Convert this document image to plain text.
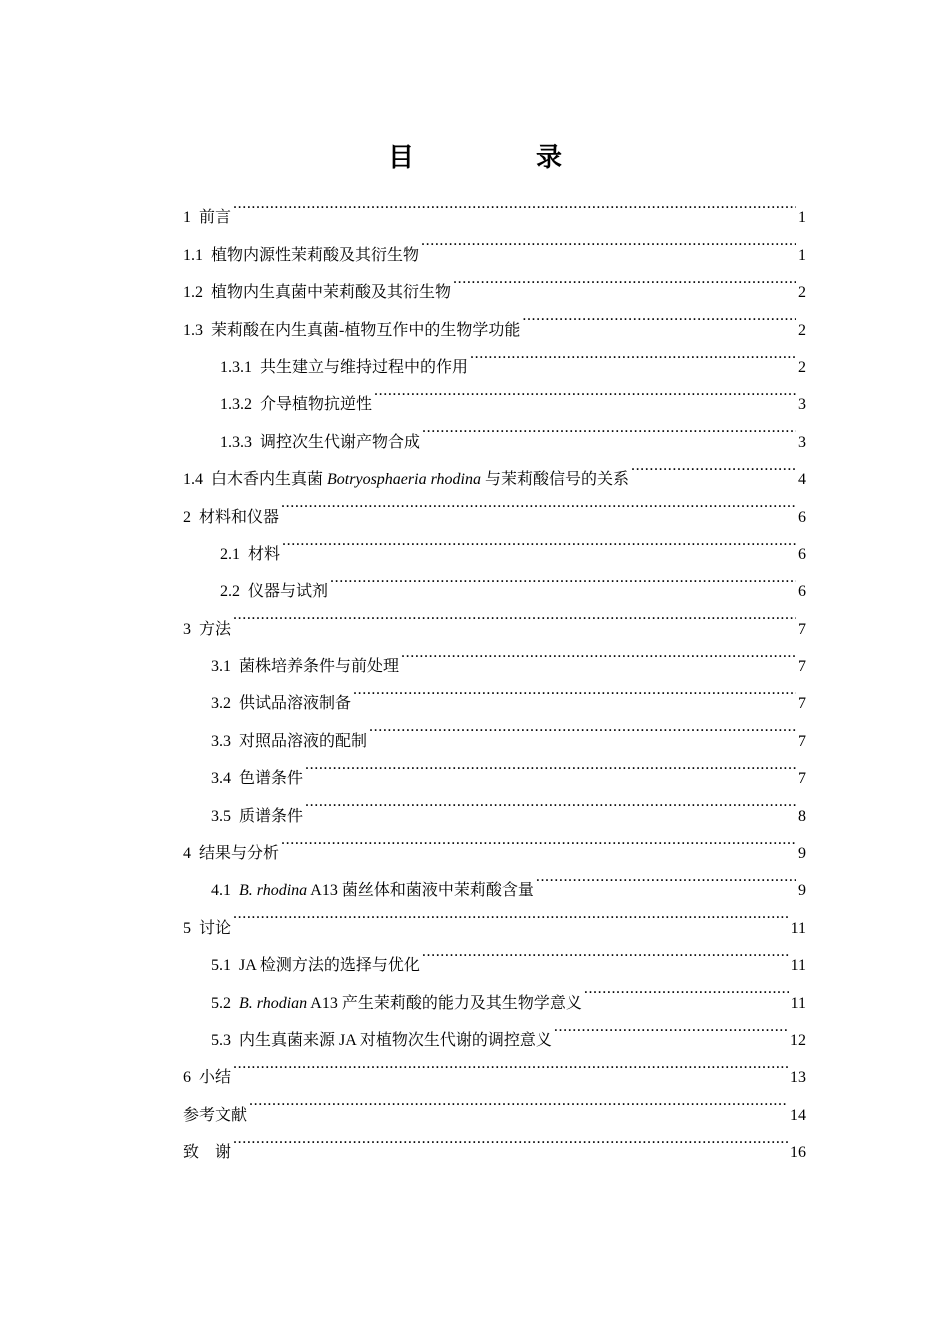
目　录
1 前言 .....	1
1.1 植物内源性茉莉酸及其衍生物 .....	1
1.2 植物内生真菌中茉莉酸及其衍生物 .....	2
1.3 茉莉酸在内生真菌-植物互作中的生物学功能 .....	2
1.3.1 共生建立与维持过程中的作用 .....	2
1.3.2 介导植物抗逆性 .....	3
1.3.3 调控次生代谢产物合成 .....	3
1.4 白木香内生真菌 Botryosphaeria rhodina 与茉莉酸信号的关系 .....	4
2 材料和仪器 .....	6
2.1 材料 .....	6
2.2 仪器与试剂 .....	6
3 方法 .....	7
3.1 菌株培养条件与前处理 .....	7
3.2 供试品溶液制备 .....	7
3.3 对照品溶液的配制 .....	7
3.4 色谱条件 .....	7
3.5 质谱条件 .....	8
4 结果与分析 .....	9
4.1 B. rhodina A13 菌丝体和菌液中茉莉酸含量 .....	9
5 讨论 .....	11
5.1 JA 检测方法的选择与优化 .....	11
5.2 B. rhodian A13 产生茉莉酸的能力及其生物学意义 .....	11
5.3 内生真菌来源 JA 对植物次生代谢的调控意义 .....	12
6 小结 .....	13
参考文献 .....	14
致　谢 .....	16
